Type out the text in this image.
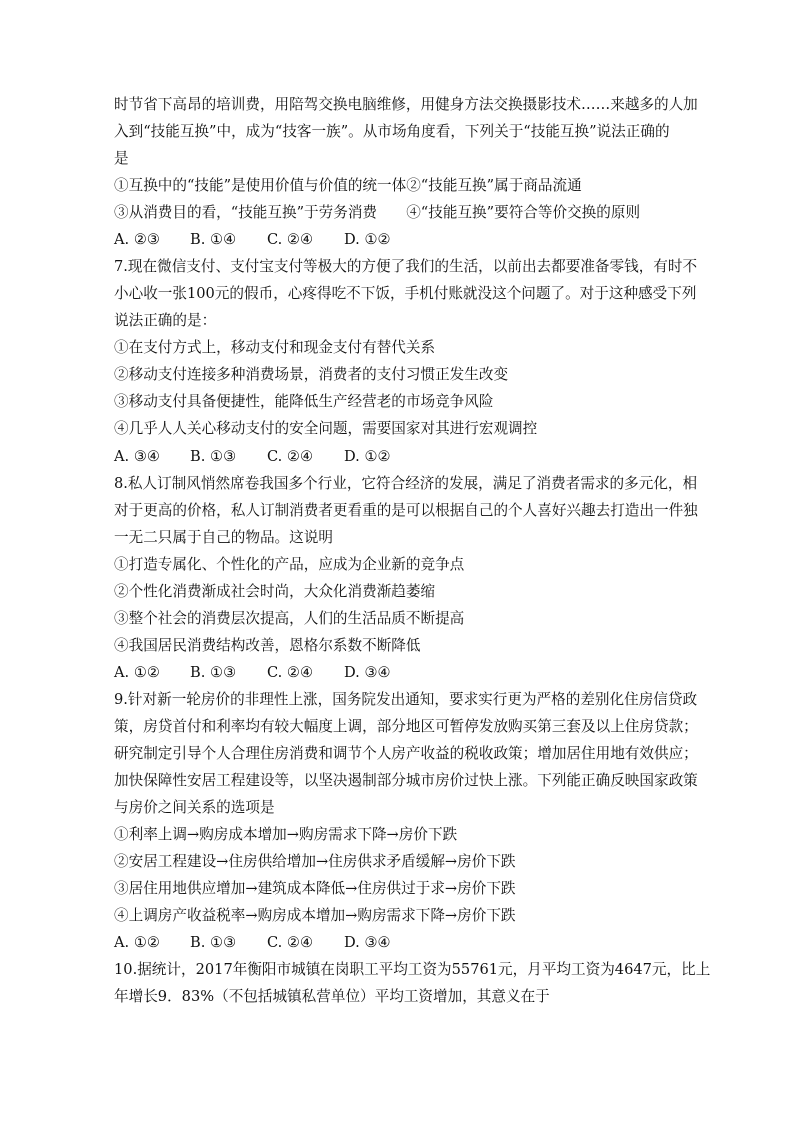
时节省下高昂的培训费，用陪驾交换电脑维修，用健身方法交换摄影技术……来越多的人加
入到“技能互换”中，成为“技客一族”。从市场角度看，下列关于“技能互换”说法正确的
是
①互换中的“技能”是使用价值与价值的统一体②“技能互换”属于商品流通
③从消费目的看，“技能互换”于劳务消费　　④“技能互换”要符合等价交换的原则
A. ②③ B. ①④ C. ②④ D. ①②
7.现在微信支付、支付宝支付等极大的方便了我们的生活，以前出去都要准备零钱，有时不
小心收一张100元的假币，心疼得吃不下饭，手机付账就没这个问题了。对于这种感受下列
说法正确的是：
①在支付方式上，移动支付和现金支付有替代关系
②移动支付连接多种消费场景，消费者的支付习惯正发生改变
③移动支付具备便捷性，能降低生产经营老的市场竞争风险
④几乎人人关心移动支付的安全问题，需要国家对其进行宏观调控
A. ③④ B. ①③ C. ②④ D. ①②
8.私人订制风悄然席卷我国多个行业，它符合经济的发展，满足了消费者需求的多元化，相
对于更高的价格，私人订制消费者更看重的是可以根据自己的个人喜好兴趣去打造出一件独
一无二只属于自己的物品。这说明
①打造专属化、个性化的产品，应成为企业新的竞争点
②个性化消费渐成社会时尚，大众化消费渐趋萎缩
③整个社会的消费层次提高，人们的生活品质不断提高
④我国居民消费结构改善，恩格尔系数不断降低
A. ①② B. ①③ C. ②④ D. ③④
9.针对新一轮房价的非理性上涨，国务院发出通知，要求实行更为严格的差别化住房信贷政
策，房贷首付和利率均有较大幅度上调，部分地区可暂停发放购买第三套及以上住房贷款；
研究制定引导个人合理住房消费和调节个人房产收益的税收政策；增加居住用地有效供应；
加快保障性安居工程建设等，以坚决遏制部分城市房价过快上涨。下列能正确反映国家政策
与房价之间关系的选项是
①利率上调→购房成本增加→购房需求下降→房价下跌
②安居工程建设→住房供给增加→住房供求矛盾缓解→房价下跌
③居住用地供应增加→建筑成本降低→住房供过于求→房价下跌
④上调房产收益税率→购房成本增加→购房需求下降→房价下跌
A. ①② B. ①③ C. ②④ D. ③④
10.据统计，2017年衡阳市城镇在岗职工平均工资为55761元，月平均工资为4647元，比上
年增长9．83%（不包括城镇私营单位）平均工资增加，其意义在于
